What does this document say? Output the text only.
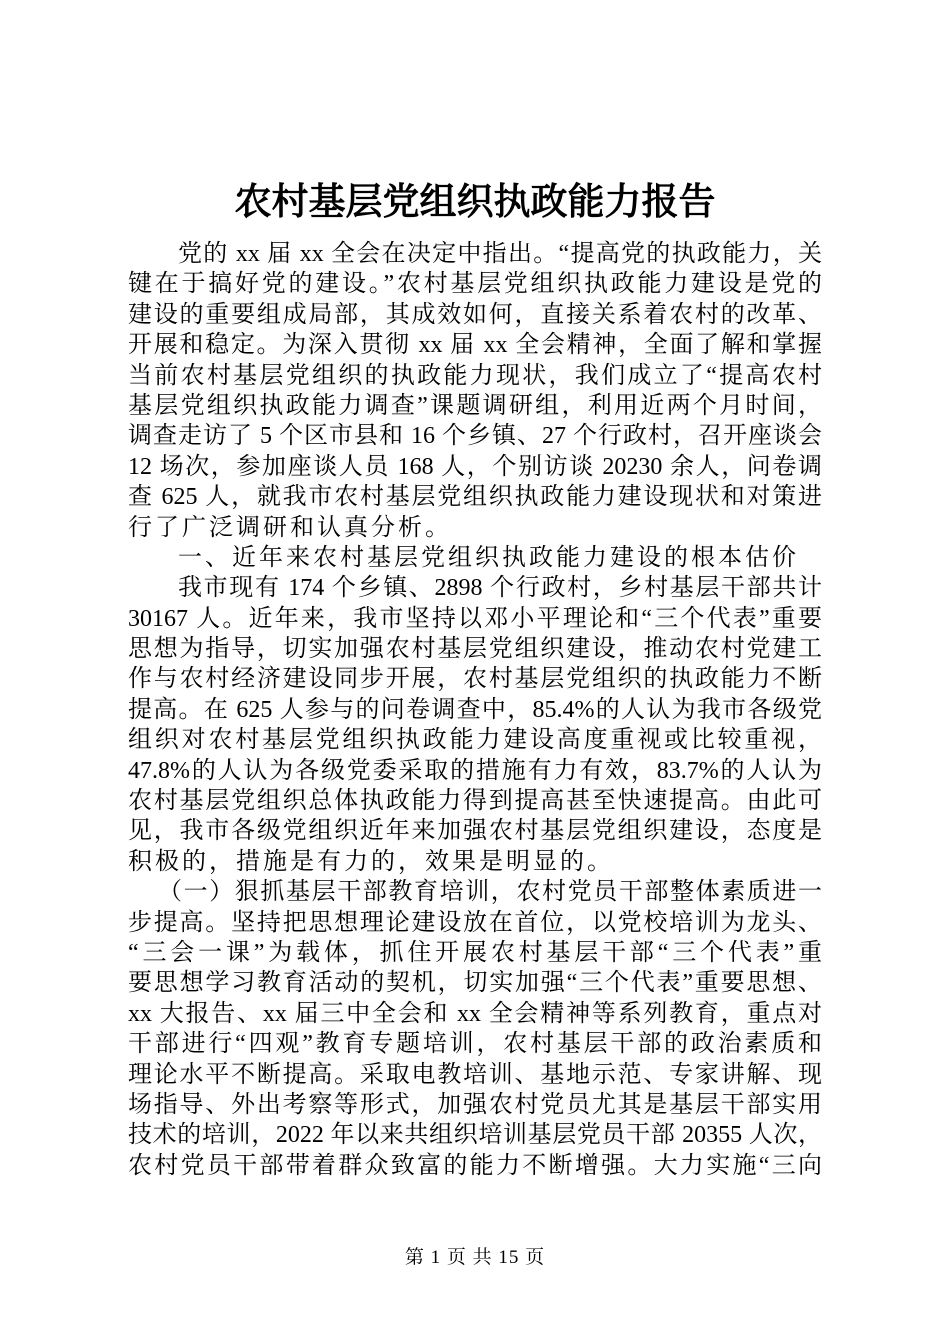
农村基层党组织执政能力报告
党的 xx 届 xx 全会在决定中指出。“提高党的执政能力，关
键在于搞好党的建设。”农村基层党组织执政能力建设是党的
建设的重要组成局部，其成效如何，直接关系着农村的改革、
开展和稳定。为深入贯彻 xx 届 xx 全会精神，全面了解和掌握
当前农村基层党组织的执政能力现状，我们成立了“提高农村
基层党组织执政能力调查”课题调研组，利用近两个月时间，
调查走访了 5 个区市县和 16 个乡镇、27 个行政村，召开座谈会
12 场次，参加座谈人员 168 人，个别访谈 20230 余人，问卷调
查 625 人，就我市农村基层党组织执政能力建设现状和对策进
行了广泛调研和认真分析。
一、近年来农村基层党组织执政能力建设的根本估价
我市现有 174 个乡镇、2898 个行政村，乡村基层干部共计
30167 人。近年来，我市坚持以邓小平理论和“三个代表”重要
思想为指导，切实加强农村基层党组织建设，推动农村党建工
作与农村经济建设同步开展，农村基层党组织的执政能力不断
提高。在 625 人参与的问卷调查中，85.4%的人认为我市各级党
组织对农村基层党组织执政能力建设高度重视或比较重视，
47.8%的人认为各级党委采取的措施有力有效，83.7%的人认为
农村基层党组织总体执政能力得到提高甚至快速提高。由此可
见，我市各级党组织近年来加强农村基层党组织建设，态度是
积极的，措施是有力的，效果是明显的。
（一）狠抓基层干部教育培训，农村党员干部整体素质进一
步提高。坚持把思想理论建设放在首位，以党校培训为龙头、
“三会一课”为载体，抓住开展农村基层干部“三个代表”重
要思想学习教育活动的契机，切实加强“三个代表”重要思想、
xx 大报告、xx 届三中全会和 xx 全会精神等系列教育，重点对
干部进行“四观”教育专题培训，农村基层干部的政治素质和
理论水平不断提高。采取电教培训、基地示范、专家讲解、现
场指导、外出考察等形式，加强农村党员尤其是基层干部实用
技术的培训，2022 年以来共组织培训基层党员干部 20355 人次，
农村党员干部带着群众致富的能力不断增强。大力实施“三向
第 1 页 共 15 页
